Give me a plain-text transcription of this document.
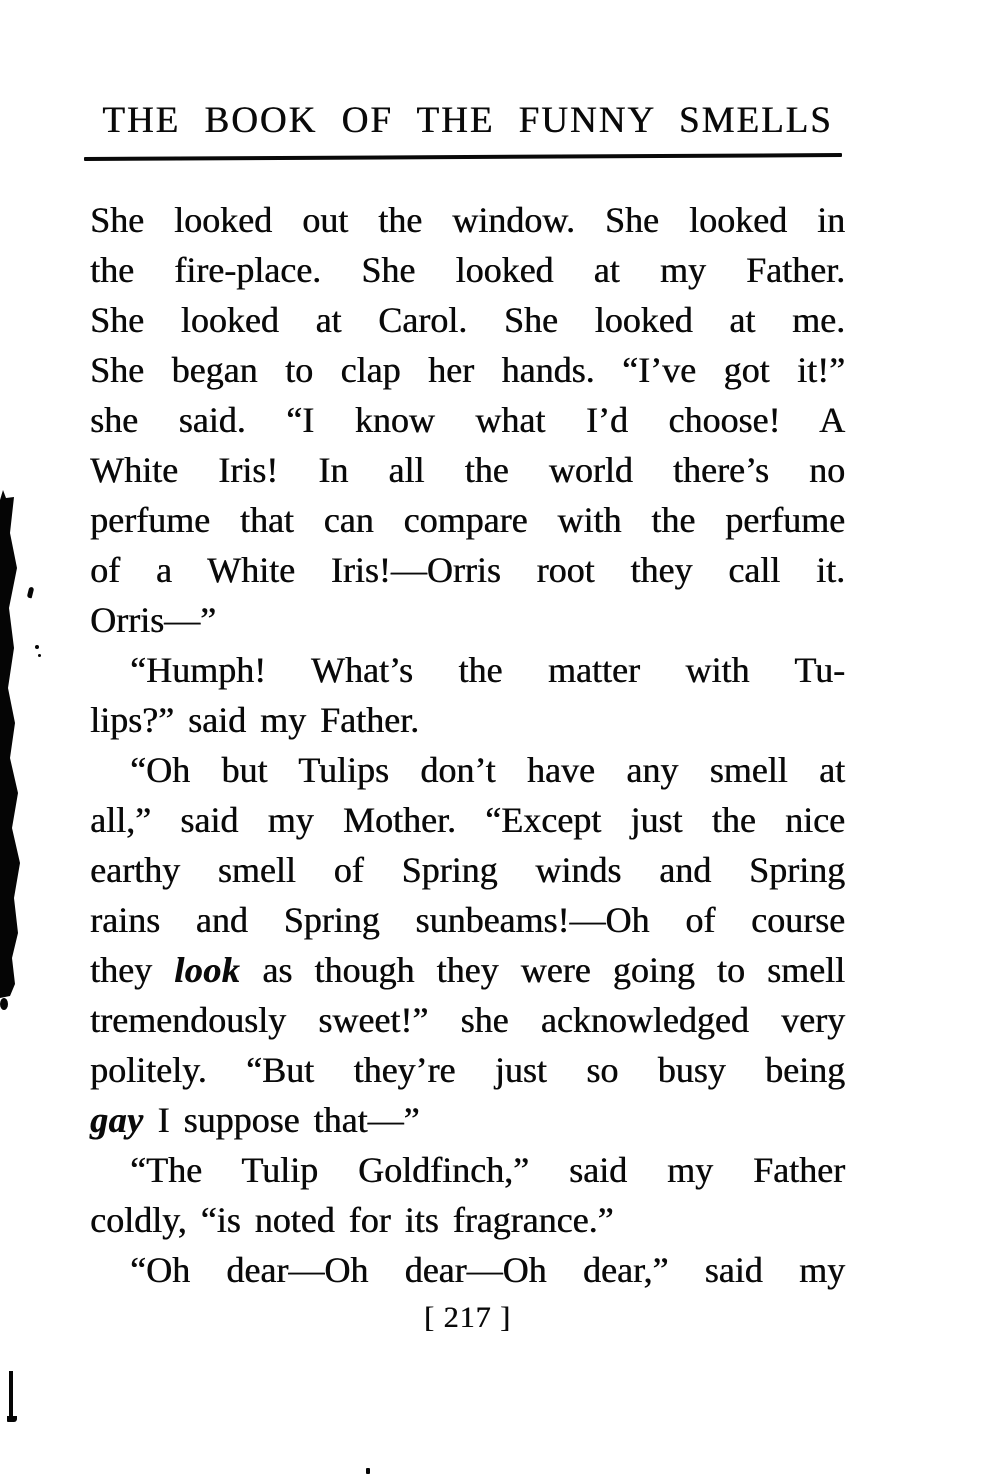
THE BOOK OF THE FUNNY SMELLS
She looked out the window. She looked in
the fire-place. She looked at my Father.
She looked at Carol. She looked at me.
She began to clap her hands. “I’ve got it!”
she said. “I know what I’d choose! A
White Iris! In all the world there’s no
perfume that can compare with the perfume
of a White Iris!—Orris root they call it.
Orris—”
“Humph! What’s the matter with Tu-
lips?” said my Father.
“Oh but Tulips don’t have any smell at
all,” said my Mother. “Except just the nice
earthy smell of Spring winds and Spring
rains and Spring sunbeams!—Oh of course
they look as though they were going to smell
tremendously sweet!” she acknowledged very
politely. “But they’re just so busy being
gay I suppose that—”
“The Tulip Goldfinch,” said my Father
coldly, “is noted for its fragrance.”
“Oh dear—Oh dear—Oh dear,” said my
[ 217 ]
